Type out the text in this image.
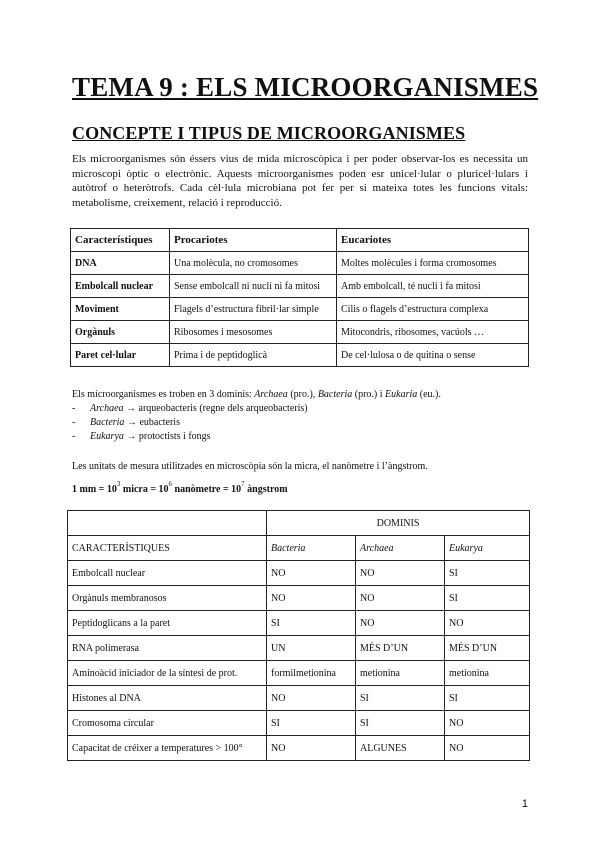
TEMA 9 : ELS MICROORGANISMES
CONCEPTE I TIPUS DE MICROORGANISMES

Els microorganismes són éssers vius de mida microscòpica i per poder observar-los es necessita un microscopi òptic o electrònic. Aquests microorganismes poden esr unicel·lular o pluricel·lulars i autòtrof o heteròtrofs. Cada cèl·lula microbiana pot fer per si mateixa totes les funcions vitals: metabolisme, creixement, relació i reproducció.

Característiques	Procariotes	Eucariotes
DNA	Una molècula, no cromosomes	Moltes molècules i forma cromosomes
Embolcall nuclear	Sense embolcall ni nucli ni fa mitosi	Amb embolcall, té nucli i fa mitosi
Moviment	Flagels d’estructura fibril·lar simple	Cilis o flagels d’estructura complexa
Orgànuls	Ribosomes i mesosomes	Mitocondris, ribosomes, vacúols …
Paret cel·lular	Prima i de peptidoglicà	De cel·lulosa o de quitina o sense

Els microorganismes es troben en 3 dominis: Archaea (pro.), Bacteria (pro.) i Eukaria (eu.).

- Archaea → arqueobacteris (regne dels arqueobacteris)
- Bacteria → eubacteris
- Eukarya → protoctists i fongs

Les unitats de mesura utilitzades en microscòpia són la micra, el nanòmetre i l’àngstrom.

1 mm = $10^3$ micra = $10^6$ nanòmetre = $10^7$ àngstrom

	DOMINIS		
CARACTERÍSTIQUES	Bacteria	Archaea	Eukarya
Embolcall nuclear	NO	NO	SI
Orgànuls membranosos	NO	NO	SI
Peptidoglicans a la paret	SI	NO	NO
RNA polimerasa	UN	MÉS D’UN	MÉS D’UN
Aminoàcid iniciador de la síntesi de prot.	formilmetionina	metionina	metionina
Histones al DNA	NO	SI	SI
Cromosoma circular	SI	SI	NO
Capacitat de créixer a temperatures > 100°	NO	ALGUNES	NO
1
